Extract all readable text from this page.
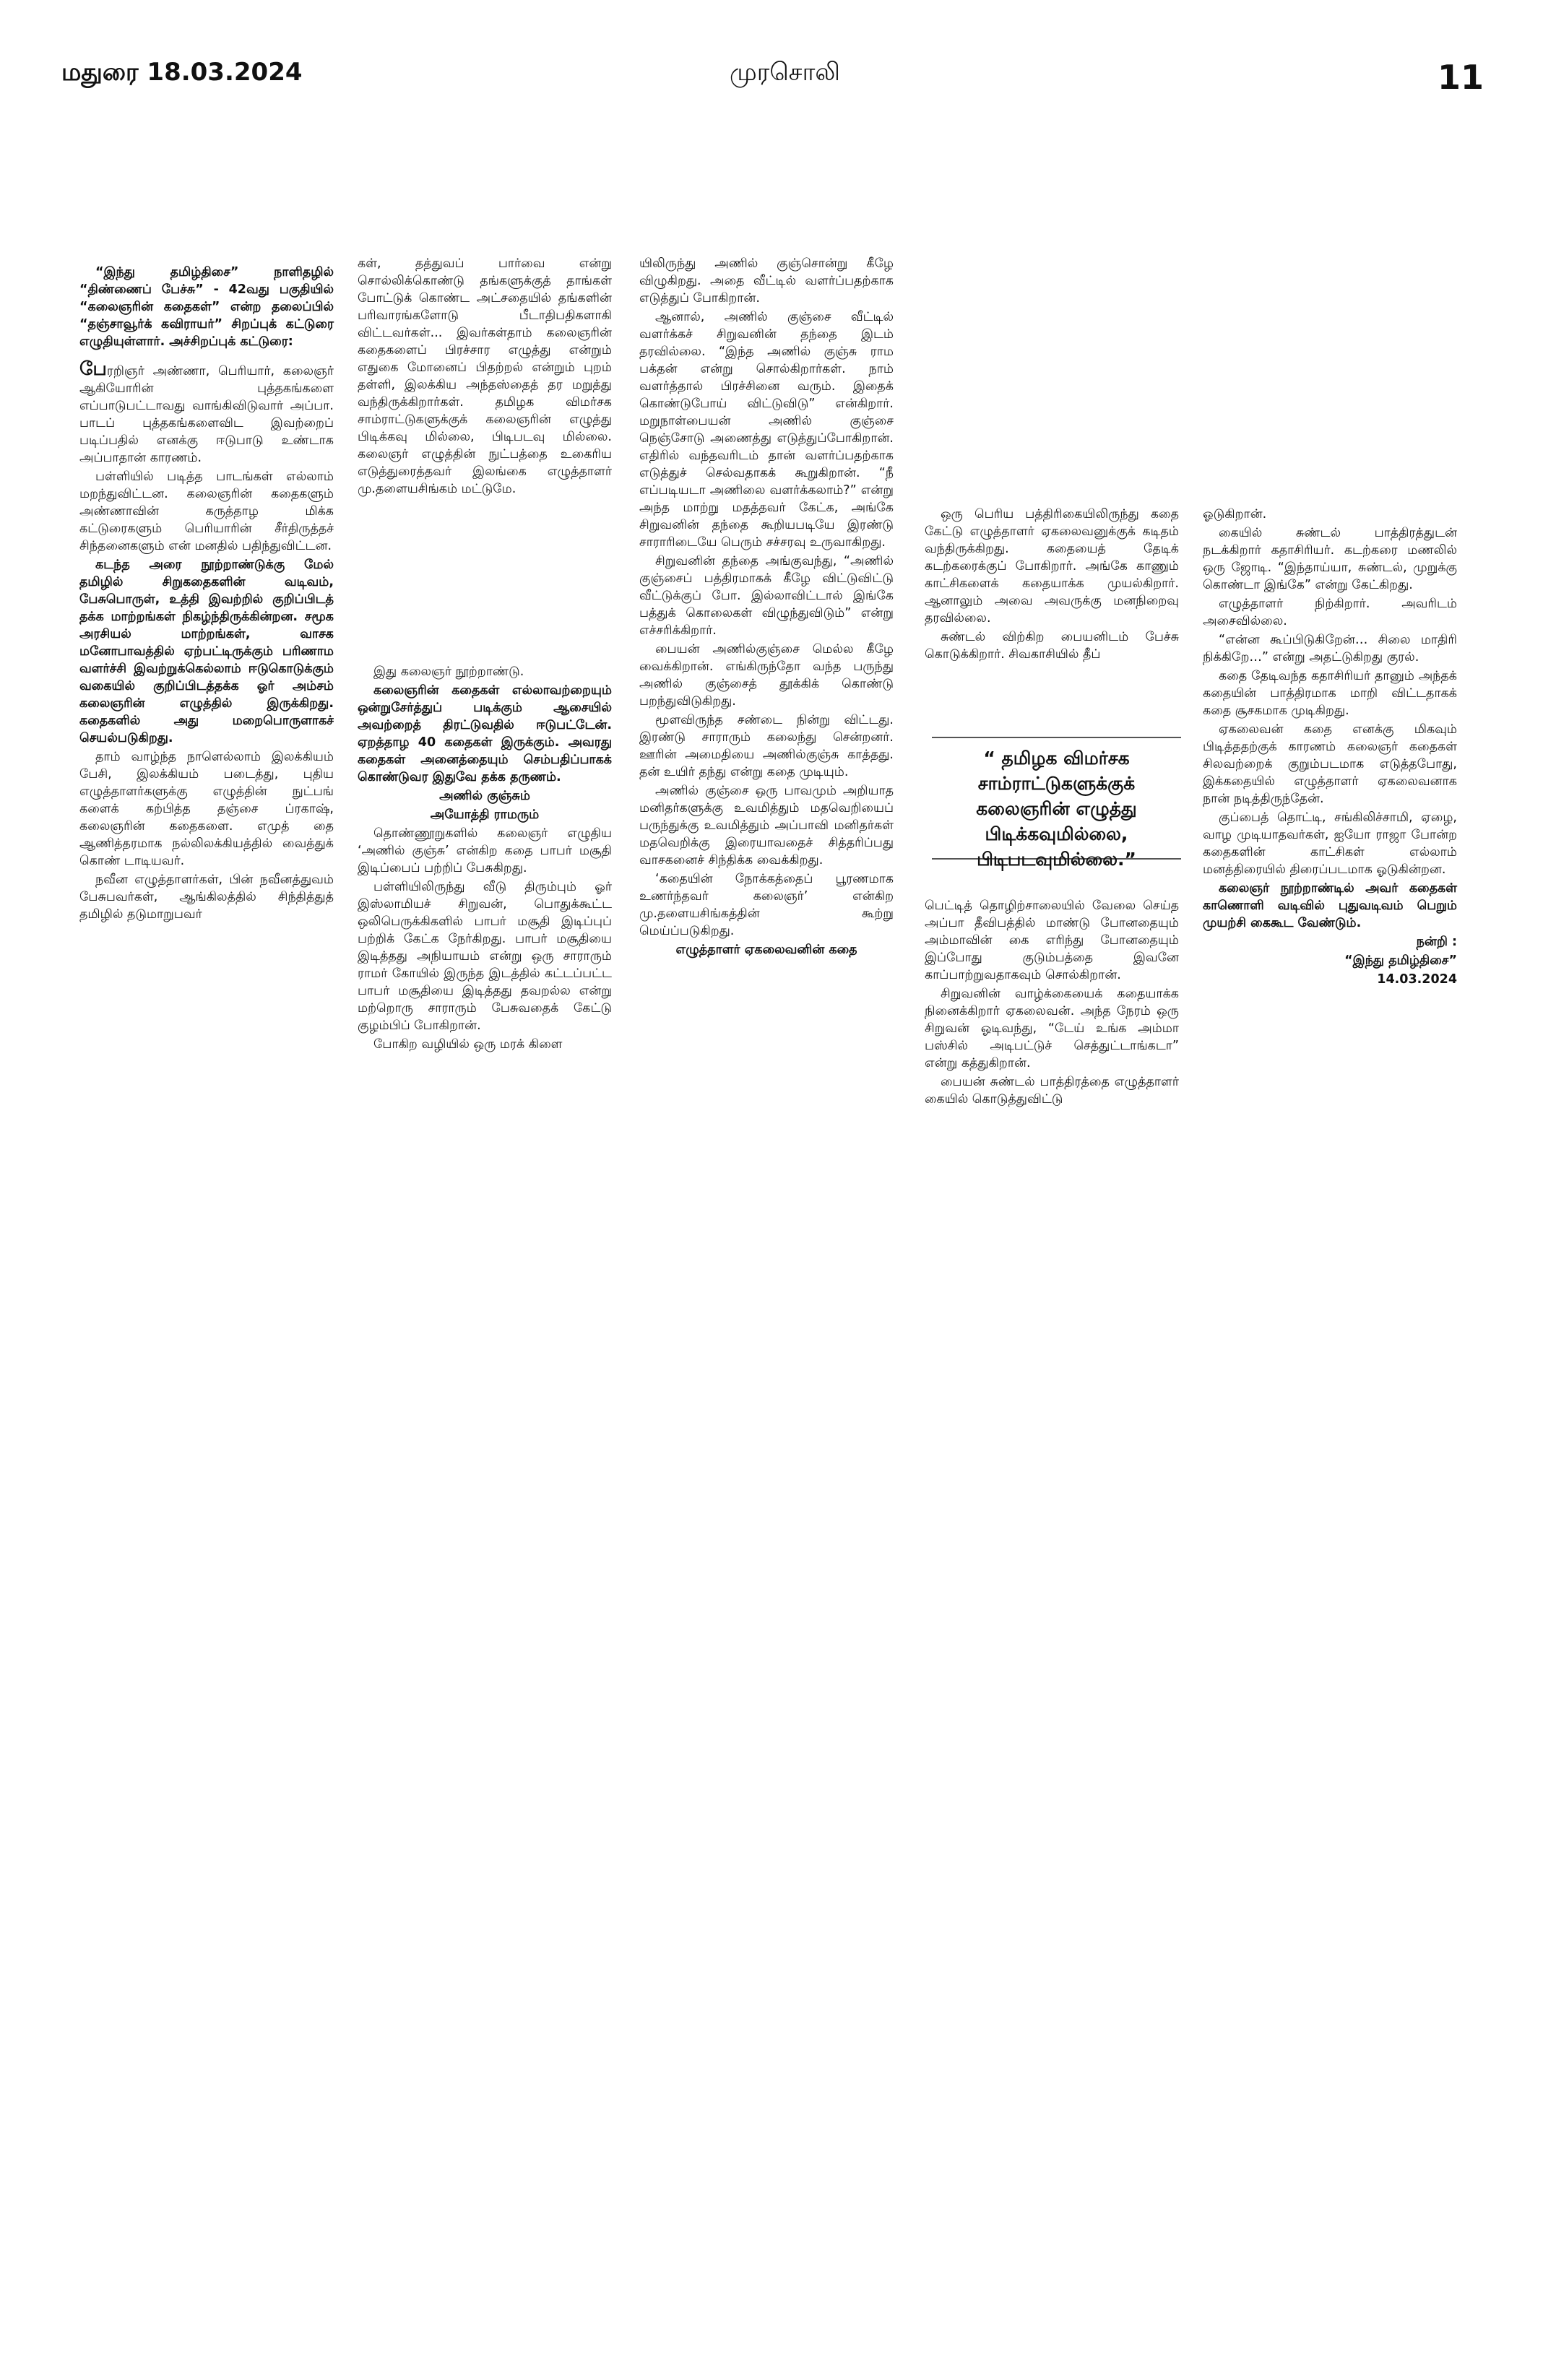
மதுரை 18.03.2024	முரசொலி	11

“இந்து தமிழ்திசை” நாளிதழில் “திண்ணைப் பேச்சு” - 42வது பகுதியில் “கலைஞரின் கதைகள்” என்ற தலைப்பில் “தஞ்சாவூர்க் கவிராயர்” சிறப்புக் கட்டுரை எழுதியுள்ளார். அச்சிறப்புக் கட்டுரை:

பேரறிஞர் அண்ணா, பெரியார், கலைஞர் ஆகியோரின் புத்தகங்களை எப்பாடுபட்டாவது வாங்கிவிடுவார் அப்பா. பாடப் புத்தகங்களைவிட இவற்றைப் படிப்பதில் எனக்கு ஈடுபாடு உண்டாக அப்பாதான் காரணம்.

பள்ளியில் படித்த பாடங்கள் எல்லாம் மறந்துவிட்டன. கலைஞரின் கதைகளும் அண்ணாவின் கருத்தாழ மிக்க கட்டுரைகளும் பெரியாரின் சீர்திருத்தச் சிந்தனைகளும் என் மனதில் பதிந்துவிட்டன.

கடந்த அரை நூற்றாண்டுக்கு மேல் தமிழில் சிறுகதைகளின் வடிவம், பேசுபொருள், உத்தி இவற்றில் குறிப்பிடத் தக்க மாற்றங்கள் நிகழ்ந்திருக்கின்றன. சமூக அரசியல் மாற்றங்கள், வாசக மனோபாவத்தில் ஏற்பட்டிருக்கும் பரிணாம வளர்ச்சி இவற்றுக்கெல்லாம் ஈடுகொடுக்கும் வகையில் குறிப்பிடத்தக்க ஓர் அம்சம் கலைஞரின் எழுத்தில் இருக்கிறது. கதைகளில் அது மறைபொருளாகச் செயல்படுகிறது.

தாம் வாழ்ந்த நாளெல்லாம் இலக்கியம் பேசி, இலக்கியம் படைத்து, புதிய எழுத்தாளர்களுக்கு எழுத்தின் நுட்பங் களைக் கற்பித்த தஞ்சை ப்ரகாஷ், கலைஞரின் கதைகளை. எமுத் தை ஆணித்தரமாக நல்லிலக்கியத்தில் வைத்துக் கொண் டாடியவர்.

நவீன எழுத்தாளர்கள், பின் நவீனத்துவம் பேசுபவர்கள், ஆங்கிலத்தில் சிந்தித்துத் தமிழில் தடுமாறுபவர்

கள், தத்துவப் பார்வை என்று சொல்லிக்கொண்டு தங்களுக்குத் தாங்கள் போட்டுக் கொண்ட அட்சதையில் தங்களின் பரிவாரங்களோடு பீடாதிபதிகளாகி விட்டவர்கள்... இவர்கள்தாம் கலைஞரின் கதைகளைப் பிரச்சார எழுத்து என்றும் எதுகை மோனைப் பிதற்றல் என்றும் புறம் தள்ளி, இலக்கிய அந்தஸ்தைத் தர மறுத்து வந்திருக்கிறார்கள். தமிழக விமர்சக சாம்ராட்டுகளுக்குக் கலைஞரின் எழுத்து பிடிக்கவு மில்லை, பிடிபடவு மில்லை. கலைஞர் எழுத்தின் நுட்பத்தை உகைரிய எடுத்துரைத்தவர் இலங்கை எழுத்தாளர் மு.தளையசிங்கம் மட்டுமே.

இது கலைஞர் நூற்றாண்டு.

கலைஞரின் கதைகள் எல்லாவற்றையும் ஒன்றுசேர்த்துப் படிக்கும் ஆசையில் அவற்றைத் திரட்டுவதில் ஈடுபட்டேன். ஏறத்தாழ 40 கதைகள் இருக்கும். அவரது கதைகள் அனைத்தையும் செம்பதிப்பாகக் கொண்டுவர இதுவே தக்க தருணம்.

அணில் குஞ்சும்

அயோத்தி ராமரும்

தொண்ணூறுகளில் கலைஞர் எழுதிய ‘அணில் குஞ்சு’ என்கிற கதை பாபர் மசூதி இடிப்பைப் பற்றிப் பேசுகிறது.

பள்ளியிலிருந்து வீடு திரும்பும் ஓர் இஸ்லாமியச் சிறுவன், பொதுக்கூட்ட ஒலிபெருக்கிகளில் பாபர் மசூதி இடிப்புப் பற்றிக் கேட்க நேர்கிறது. பாபர் மசூதியை இடித்தது அநியாயம் என்று ஒரு சாராரும் ராமர் கோயில் இருந்த இடத்தில் கட்டப்பட்ட பாபர் மசூதியை இடித்தது தவறல்ல என்று மற்றொரு சாராரும் பேசுவதைக் கேட்டு குழம்பிப் போகிறான்.

போகிற வழியில் ஒரு மரக் கிளை

யிலிருந்து அணில் குஞ்சொன்று கீழே விழுகிறது. அதை வீட்டில் வளர்ப்பதற்காக எடுத்துப் போகிறான்.

ஆனால், அணில் குஞ்சை வீட்டில் வளர்க்கச் சிறுவனின் தந்தை இடம் தரவில்லை. “இந்த அணில் குஞ்சு ராம பக்தன் என்று சொல்கிறார்கள். நாம் வளர்த்தால் பிரச்சினை வரும். இதைக் கொண்டுபோய் விட்டுவிடு” என்கிறார். மறுநாள்பையன் அணில் குஞ்சை நெஞ்சோடு அணைத்து எடுத்துப்போகிறான். எதிரில் வந்தவரிடம் தான் வளர்ப்பதற்காக எடுத்துச் செல்வதாகக் கூறுகிறான். “நீ எப்படியடா அணிலை வளர்க்கலாம்?” என்று அந்த மாற்று மதத்தவர் கேட்க, அங்கே சிறுவனின் தந்தை கூறியபடியே இரண்டு சாராரிடையே பெரும் சச்சரவு உருவாகிறது.

சிறுவனின் தந்தை அங்குவந்து, “அணில் குஞ்சைப் பத்திரமாகக் கீழே விட்டுவிட்டு வீட்டுக்குப் போ. இல்லாவிட்டால் இங்கே பத்துக் கொலைகள் விழுந்துவிடும்” என்று எச்சரிக்கிறார்.

பையன் அணில்குஞ்சை மெல்ல கீழே வைக்கிறான். எங்கிருந்தோ வந்த பருந்து அணில் குஞ்சைத் தூக்கிக் கொண்டு பறந்துவிடுகிறது.

மூளவிருந்த சண்டை நின்று விட்டது. இரண்டு சாராரும் கலைந்து சென்றனர். ஊரின் அமைதியை அணில்குஞ்சு காத்தது. தன் உயிர் தந்து என்று கதை முடியும்.

அணில் குஞ்சை ஒரு பாவமும் அறியாத மனிதர்களுக்கு உவமித்தும் மதவெறியைப் பருந்துக்கு உவமித்தும் அப்பாவி மனிதர்கள் மதவெறிக்கு இரையாவதைச் சித்தரிப்பது வாசகனைச் சிந்திக்க வைக்கிறது.

‘கதையின் நோக்கத்தைப் பூரணமாக உணர்ந்தவர் கலைஞர்’ என்கிற மு.தளையசிங்கத்தின் கூற்று மெய்ப்படுகிறது.

எழுத்தாளர் ஏகலைவனின் கதை

ஒரு பெரிய பத்திரிகையிலிருந்து கதை கேட்டு எழுத்தாளர் ஏகலைவனுக்குக் கடிதம் வந்திருக்கிறது. கதையைத் தேடிக் கடற்கரைக்குப் போகிறார். அங்கே காணும் காட்சிகளைக் கதையாக்க முயல்கிறார். ஆனாலும் அவை அவருக்கு மனநிறைவு தரவில்லை.

சுண்டல் விற்கிற பையனிடம் பேச்சு கொடுக்கிறார். சிவகாசியில் தீப்

“ தமிழக விமர்சக சாம்ராட்டுகளுக்குக் கலைஞரின் எழுத்து பிடிக்கவுமில்லை, பிடிபடவுமில்லை.”

பெட்டித் தொழிற்சாலையில் வேலை செய்த அப்பா தீவிபத்தில் மாண்டு போனதையும் அம்மாவின் கை எரிந்து போனதையும் இப்போது குடும்பத்தை இவனே காப்பாற்றுவதாகவும் சொல்கிறான்.

சிறுவனின் வாழ்க்கையைக் கதையாக்க நினைக்கிறார் ஏகலைவன். அந்த நேரம் ஒரு சிறுவன் ஓடிவந்து, “டேய் உங்க அம்மா பஸ்சில் அடிபட்டுச் செத்துட்டாங்கடா” என்று கத்துகிறான்.

பையன் சுண்டல் பாத்திரத்தை எழுத்தாளர் கையில் கொடுத்துவிட்டு

ஓடுகிறான்.

கையில் சுண்டல் பாத்திரத்துடன் நடக்கிறார் கதாசிரியர். கடற்கரை மணலில் ஒரு ஜோடி. “இந்தாய்யா, சுண்டல், முறுக்கு கொண்டா இங்கே” என்று கேட்கிறது.

எழுத்தாளர் நிற்கிறார். அவரிடம் அசைவில்லை.

“என்ன கூப்பிடுகிறேன்… சிலை மாதிரி நிக்கிறே…” என்று அதட்டுகிறது குரல்.

கதை தேடிவந்த கதாசிரியர் தானும் அந்தக் கதையின் பாத்திரமாக மாறி விட்டதாகக் கதை சூசகமாக முடிகிறது.

ஏகலைவன் கதை எனக்கு மிகவும் பிடித்ததற்குக் காரணம் கலைஞர் கதைகள் சிலவற்றைக் குறும்படமாக எடுத்தபோது, இக்கதையில் எழுத்தாளர் ஏகலைவனாக நான் நடித்திருந்தேன்.

குப்பைத் தொட்டி, சங்கிலிச்சாமி, ஏழை, வாழ முடியாதவர்கள், ஐயோ ராஜா போன்ற கதைகளின் காட்சிகள் எல்லாம் மனத்திரையில் திரைப்படமாக ஓடுகின்றன.

கலைஞர் நூற்றாண்டில் அவர் கதைகள் காணொளி வடிவில் புதுவடிவம் பெறும் முயற்சி கைகூட வேண்டும்.

நன்றி :

“இந்து தமிழ்திசை”

14.03.2024
